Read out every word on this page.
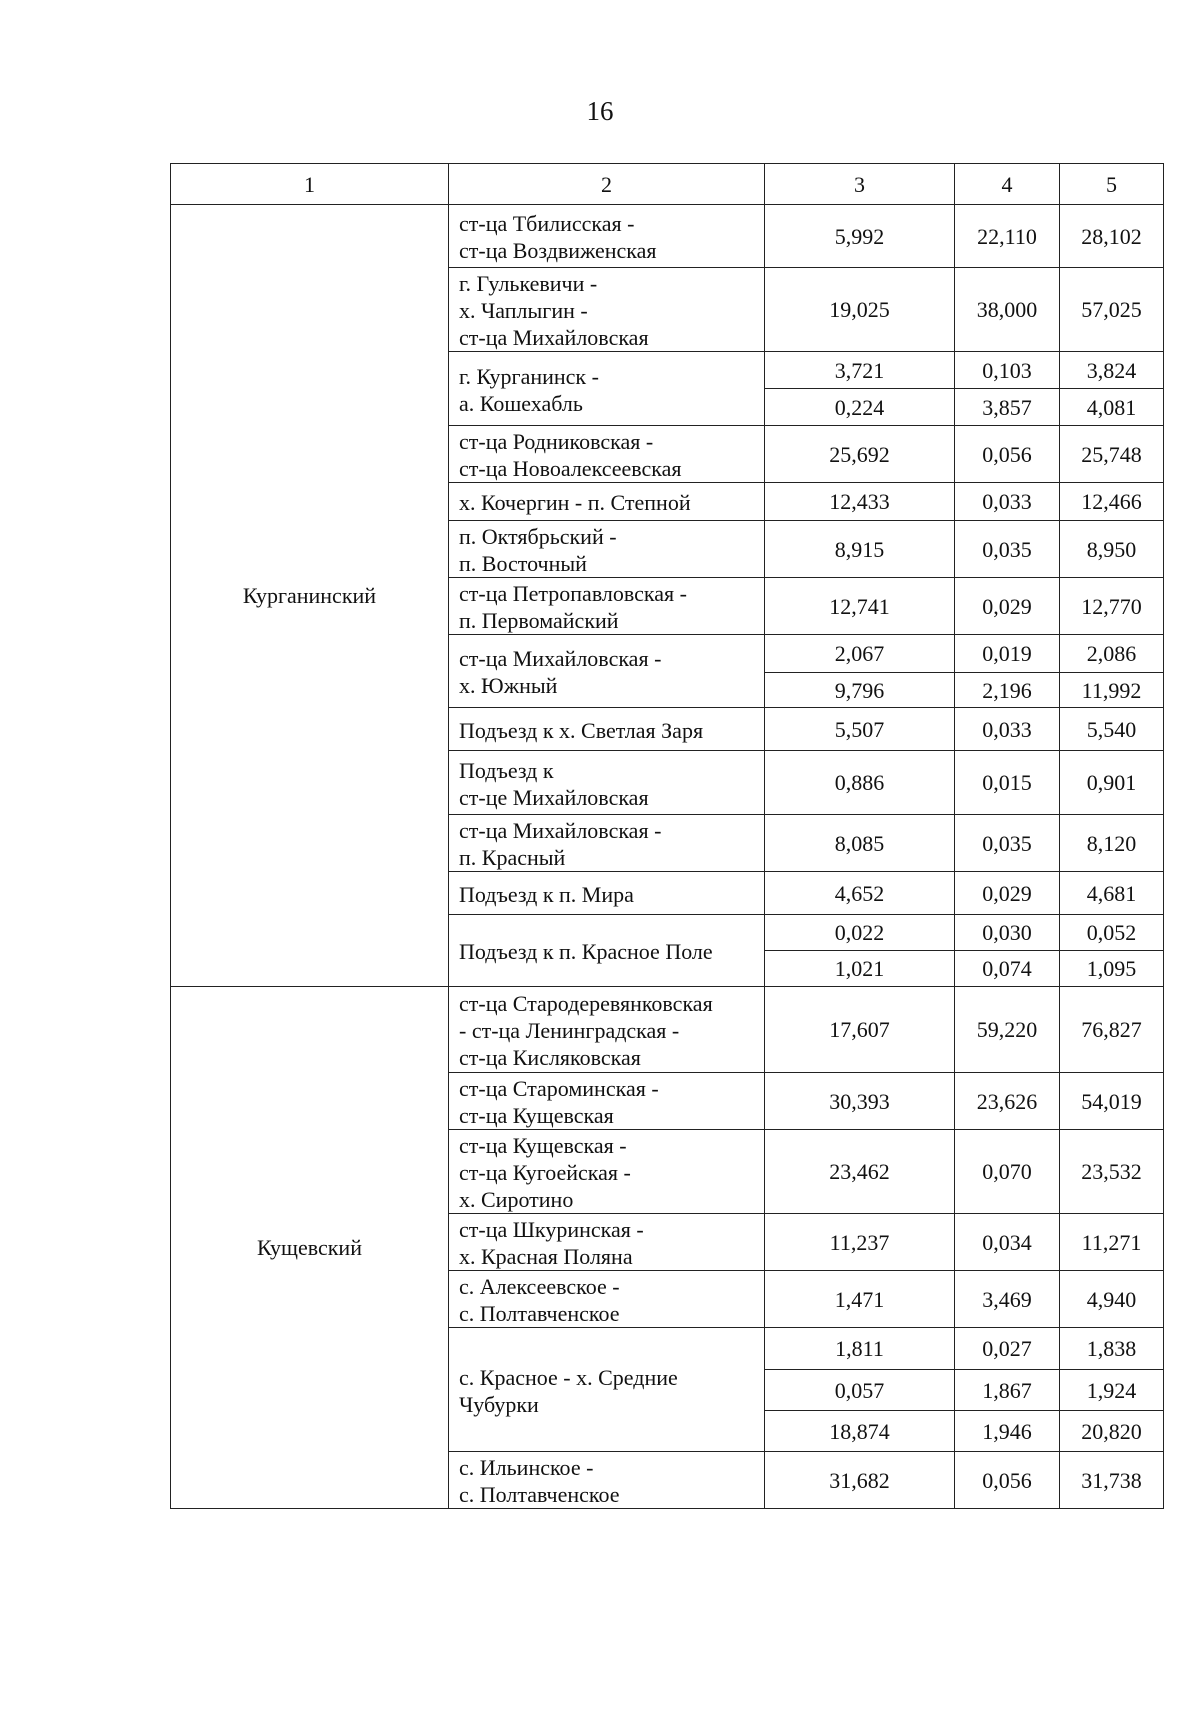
16
1	2	3	4	5
Курганинский	ст-ца Тбилисская -
ст-ца Воздвиженская	5,992	22,110	28,102

	г. Гулькевичи -
х. Чаплыгин -
ст-ца Михайловская	19,025	38,000	57,025

	г. Курганинск -
а. Кошехабль	3,721	0,103	3,824
		0,224	3,857	4,081

	ст-ца Родниковская -
ст-ца Новоалексеевская	25,692	0,056	25,748

	х. Кочергин - п. Степной	12,433	0,033	12,466

	п. Октябрьский -
п. Восточный	8,915	0,035	8,950

	ст-ца Петропавловская -
п. Первомайский	12,741	0,029	12,770

	ст-ца Михайловская -
х. Южный	2,067	0,019	2,086
		9,796	2,196	11,992

	Подъезд к х. Светлая Заря	5,507	0,033	5,540

	Подъезд к
ст-це Михайловская	0,886	0,015	0,901

	ст-ца Михайловская -
п. Красный	8,085	0,035	8,120

	Подъезд к п. Мира	4,652	0,029	4,681

	Подъезд к п. Красное Поле	0,022	0,030	0,052
		1,021	0,074	1,095
Кущевский	ст-ца Стародеревянковская
- ст-ца Ленинградская -
ст-ца Кисляковская	17,607	59,220	76,827

	ст-ца Староминская -
ст-ца Кущевская	30,393	23,626	54,019

	ст-ца Кущевская -
ст-ца Кугоейская -
х. Сиротино	23,462	0,070	23,532

	ст-ца Шкуринская -
х. Красная Поляна	11,237	0,034	11,271

	с. Алексеевское -
с. Полтавченское	1,471	3,469	4,940

	с. Красное - х. Средние
Чубурки	1,811	0,027	1,838
		0,057	1,867	1,924
		18,874	1,946	20,820

	с. Ильинское -
с. Полтавченское	31,682	0,056	31,738
